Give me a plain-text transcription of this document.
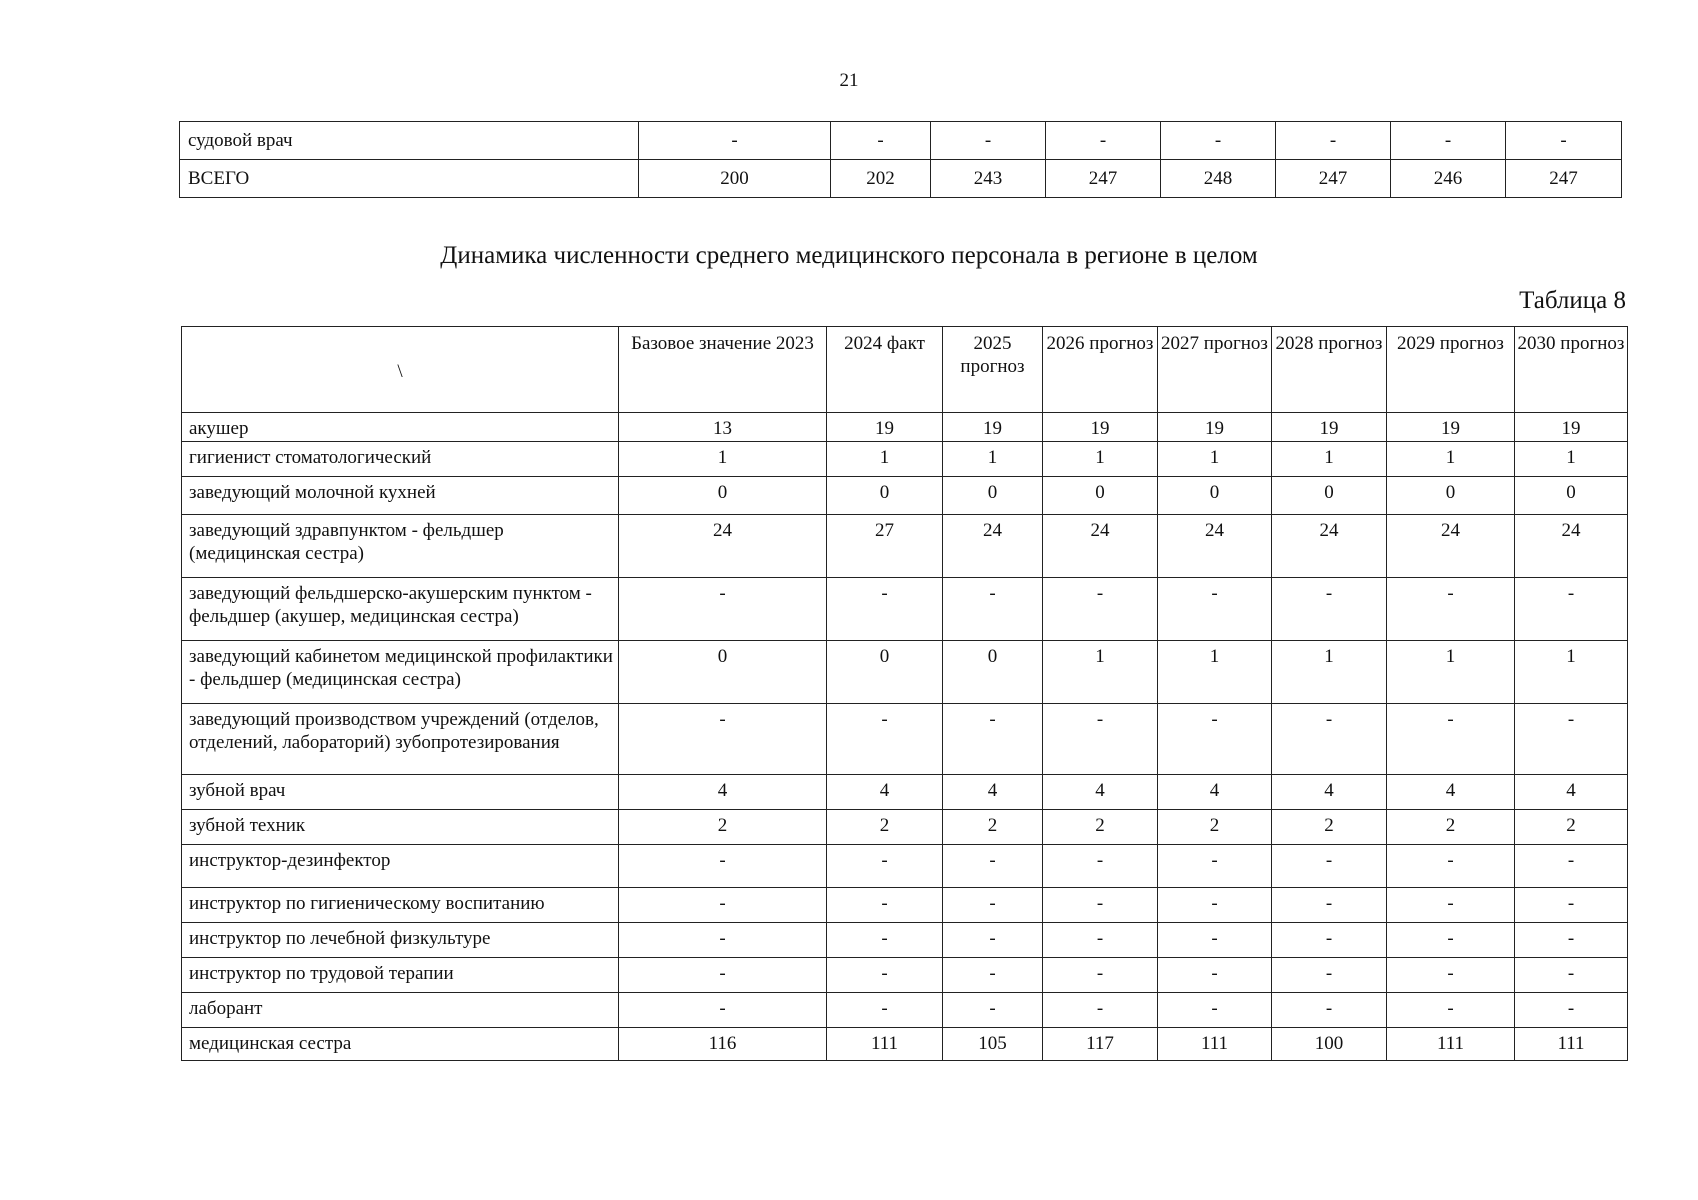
21
судовой врач	-	-	-	-	-	-	-	-
ВСЕГО	200	202	243	247	248	247	246	247
Динамика численности среднего медицинского персонала в регионе в целом
Таблица 8
\	Базовое значение 2023	2024 факт	2025 прогноз	2026 прогноз	2027 прогноз	2028 прогноз	2029 прогноз	2030 прогноз
акушер	13	19	19	19	19	19	19	19
гигиенист стоматологический	1	1	1	1	1	1	1	1
заведующий молочной кухней	0	0	0	0	0	0	0	0
заведующий здравпунктом - фельдшер (медицинская сестра)	24	27	24	24	24	24	24	24
заведующий фельдшерско-акушерским пунктом - фельдшер (акушер, медицинская сестра)	-	-	-	-	-	-	-	-
заведующий кабинетом медицинской профилактики - фельдшер (медицинская сестра)	0	0	0	1	1	1	1	1
заведующий производством учреждений (отделов, отделений, лабораторий) зубопротезирования	-	-	-	-	-	-	-	-
зубной врач	4	4	4	4	4	4	4	4
зубной техник	2	2	2	2	2	2	2	2
инструктор-дезинфектор	-	-	-	-	-	-	-	-
инструктор по гигиеническому воспитанию	-	-	-	-	-	-	-	-
инструктор по лечебной физкультуре	-	-	-	-	-	-	-	-
инструктор по трудовой терапии	-	-	-	-	-	-	-	-
лаборант	-	-	-	-	-	-	-	-
медицинская сестра	116	111	105	117	111	100	111	111
